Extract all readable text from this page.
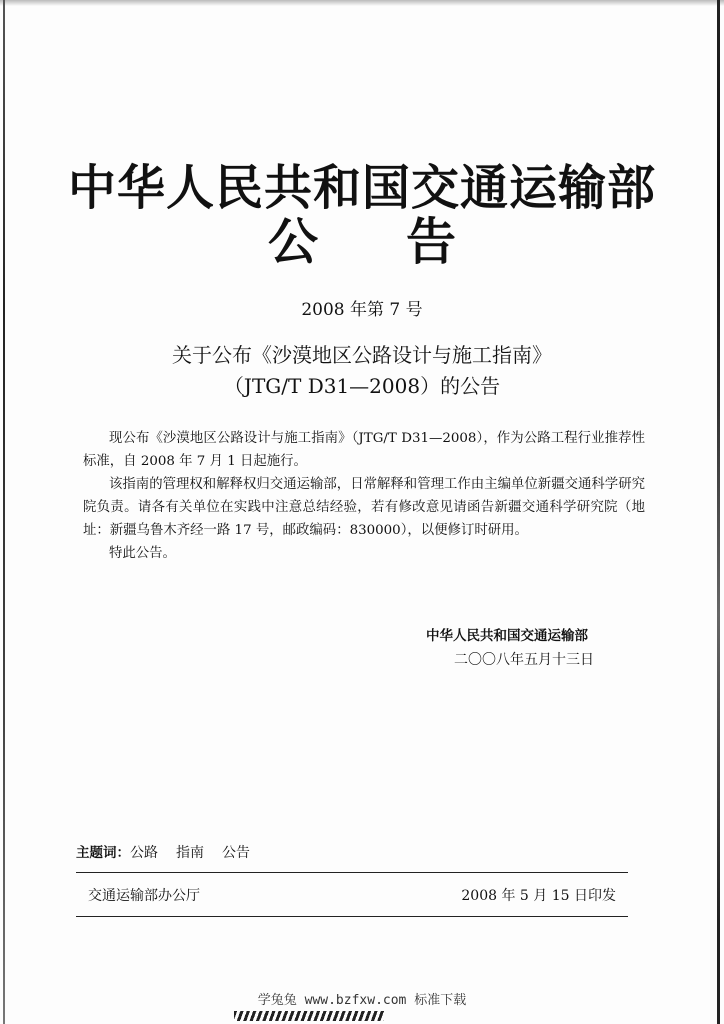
中华人民共和国交通运输部
公告
2008 年第 7 号
关于公布《沙漠地区公路设计与施工指南》
（JTG/T D31—2008）的公告

现公布《沙漠地区公路设计与施工指南》（JTG/T D31—2008），作为公路工程行业推荐性标准，自 2008 年 7 月 1 日起施行。

该指南的管理权和解释权归交通运输部，日常解释和管理工作由主编单位新疆交通科学研究院负责。请各有关单位在实践中注意总结经验，若有修改意见请函告新疆交通科学研究院（地址：新疆乌鲁木齐经一路 17 号，邮政编码：830000），以便修订时研用。

特此公告。

中华人民共和国交通运输部
二〇〇八年五月十三日
主题词：公路 指南 公告
交通运输部办公厅	2008 年 5 月 15 日印发
学兔兔 www.bzfxw.com 标准下载
